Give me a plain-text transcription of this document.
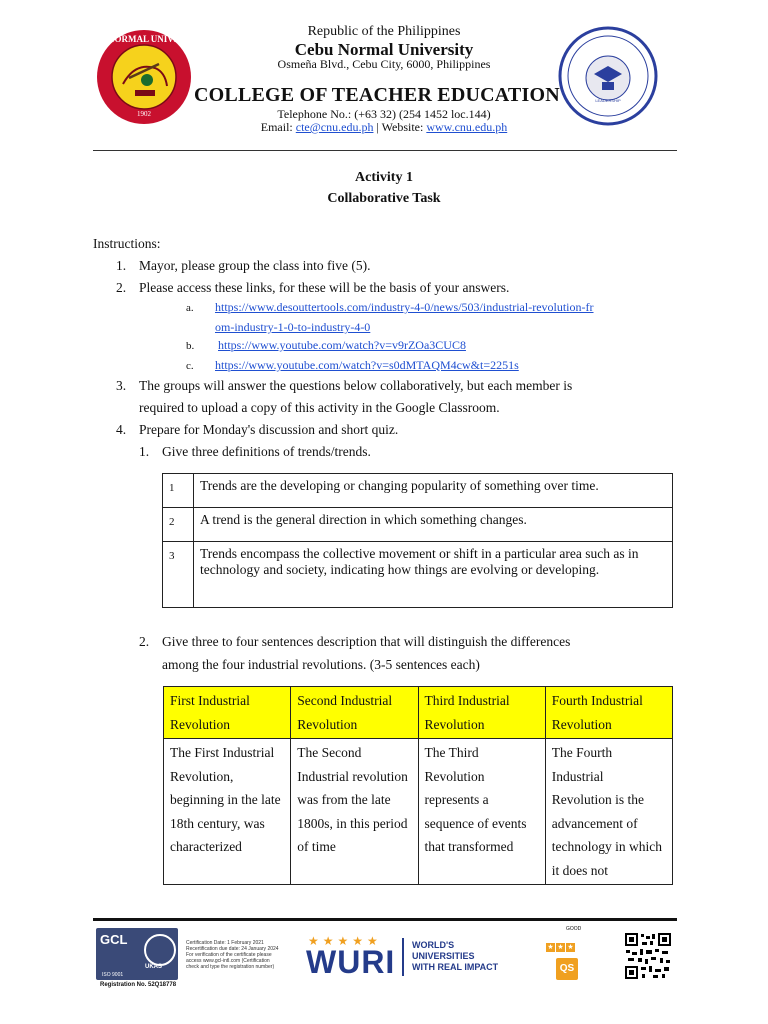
CEBU NORMAL UNIVERSITY
1902
LEADERSHIP
Republic of the Philippines
Cebu Normal University
Osmeña Blvd., Cebu City, 6000, Philippines
COLLEGE OF TEACHER EDUCATION
Telephone No.: (+63 32) (254 1452 loc.144)
Email: cte@cnu.edu.ph | Website: www.cnu.edu.ph
Activity 1
Collaborative Task
Instructions:
1. Mayor, please group the class into five (5).
2. Please access these links, for these will be the basis of your answers.
a. https://www.desouttertools.com/industry-4-0/news/503/industrial-revolution-fr
om-industry-1-0-to-industry-4-0
b. https://www.youtube.com/watch?v=v9rZOa3CUC8
c. https://www.youtube.com/watch?v=s0dMTAQM4cw&t=2251s
3. The groups will answer the questions below collaboratively, but each member is
required to upload a copy of this activity in the Google Classroom.
4. Prepare for Monday's discussion and short quiz.
1. Give three definitions of trends/trends.
1	Trends are the developing or changing popularity of something over time.
2	A trend is the general direction in which something changes.
3	Trends encompass the collective movement or shift in a particular area such as in technology and society, indicating how things are evolving or developing.
2. Give three to four sentences description that will distinguish the differences
among the four industrial revolutions. (3-5 sentences each)
First Industrial Revolution	Second Industrial Revolution	Third Industrial Revolution	Fourth Industrial Revolution
The First Industrial Revolution, beginning in the late 18th century, was characterized	The Second Industrial revolution was from the late 1800s, in this period of time	The Third Revolution represents a sequence of events that transformed	The Fourth Industrial Revolution is the advancement of technology in which it does not
GCL
UKAS
ISO 9001
Registration No. 52Q18778
Certification Date: 1 February 2021 Recertification due date: 24 January 2024 For verification of the certificate please access www.gcl-intl.com (Certification check and type the registration number)
★★★★★
WURI WORLD'S
UNIVERSITIES
WITH REAL IMPACT
GOOD
★ ★ ★
QS
